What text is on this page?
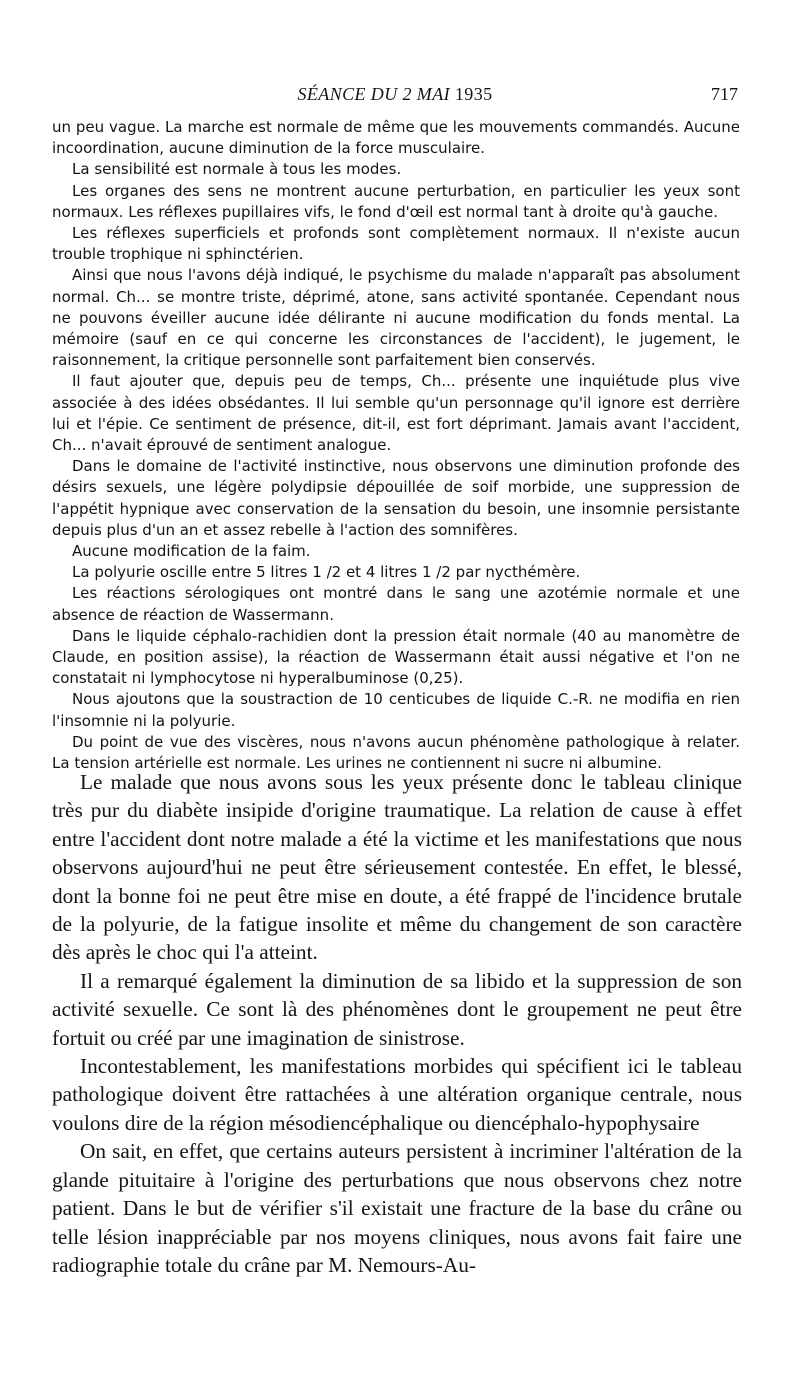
SÉANCE DU 2 MAI 1935	717

un peu vague. La marche est normale de même que les mouvements commandés. Aucune incoordination, aucune diminution de la force musculaire.

La sensibilité est normale à tous les modes.

Les organes des sens ne montrent aucune perturbation, en particulier les yeux sont normaux. Les réflexes pupillaires vifs, le fond d'œil est normal tant à droite qu'à gauche.

Les réflexes superficiels et profonds sont complètement normaux. Il n'existe aucun trouble trophique ni sphinctérien.

Ainsi que nous l'avons déjà indiqué, le psychisme du malade n'apparaît pas absolument normal. Ch... se montre triste, déprimé, atone, sans activité spontanée. Cependant nous ne pouvons éveiller aucune idée délirante ni aucune modification du fonds mental. La mémoire (sauf en ce qui concerne les circonstances de l'accident), le jugement, le raisonnement, la critique personnelle sont parfaitement bien conservés.

Il faut ajouter que, depuis peu de temps, Ch... présente une inquiétude plus vive associée à des idées obsédantes. Il lui semble qu'un personnage qu'il ignore est derrière lui et l'épie. Ce sentiment de présence, dit-il, est fort déprimant. Jamais avant l'accident, Ch... n'avait éprouvé de sentiment analogue.

Dans le domaine de l'activité instinctive, nous observons une diminution profonde des désirs sexuels, une légère polydipsie dépouillée de soif morbide, une suppression de l'appétit hypnique avec conservation de la sensation du besoin, une insomnie persistante depuis plus d'un an et assez rebelle à l'action des somnifères.

Aucune modification de la faim.

La polyurie oscille entre 5 litres 1 /2 et 4 litres 1 /2 par nycthémère.

Les réactions sérologiques ont montré dans le sang une azotémie normale et une absence de réaction de Wassermann.

Dans le liquide céphalo-rachidien dont la pression était normale (40 au manomètre de Claude, en position assise), la réaction de Wassermann était aussi négative et l'on ne constatait ni lymphocytose ni hyperalbuminose (0,25).

Nous ajoutons que la soustraction de 10 centicubes de liquide C.-R. ne modifia en rien l'insomnie ni la polyurie.

Du point de vue des viscères, nous n'avons aucun phénomène pathologique à relater. La tension artérielle est normale. Les urines ne contiennent ni sucre ni albumine.

Le malade que nous avons sous les yeux présente donc le tableau clinique très pur du diabète insipide d'origine traumatique. La relation de cause à effet entre l'accident dont notre malade a été la victime et les manifestations que nous observons aujourd'hui ne peut être sérieusement contestée. En effet, le blessé, dont la bonne foi ne peut être mise en doute, a été frappé de l'incidence brutale de la polyurie, de la fatigue insolite et même du changement de son caractère dès après le choc qui l'a atteint.

Il a remarqué également la diminution de sa libido et la suppression de son activité sexuelle. Ce sont là des phénomènes dont le groupement ne peut être fortuit ou créé par une imagination de sinistrose.

Incontestablement, les manifestations morbides qui spécifient ici le tableau pathologique doivent être rattachées à une altération organique centrale, nous voulons dire de la région mésodiencéphalique ou diencéphalo-hypophysaire

On sait, en effet, que certains auteurs persistent à incriminer l'altération de la glande pituitaire à l'origine des perturbations que nous observons chez notre patient. Dans le but de vérifier s'il existait une fracture de la base du crâne ou telle lésion inappréciable par nos moyens cliniques, nous avons fait faire une radiographie totale du crâne par M. Nemours-Au-
